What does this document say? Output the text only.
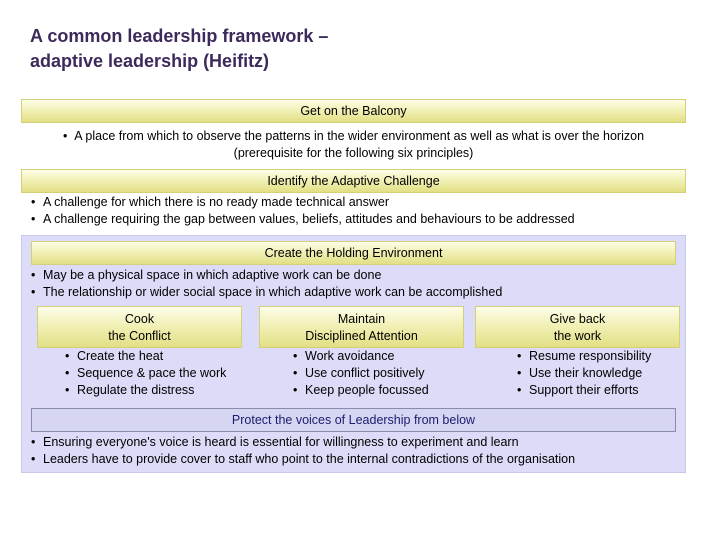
A common leadership framework –
adaptive leadership (Heifitz)
Get on the Balcony
•  A place from which to observe the patterns in the wider environment as well as what is over the horizon
(prerequisite for the following six principles)
Identify the Adaptive Challenge
• A challenge for which there is no ready made technical answer
• A challenge requiring the gap between values, beliefs, attitudes and behaviours to be addressed
Create the Holding Environment
• May be a physical space in which adaptive work can be done
• The relationship or wider social space in which adaptive work can be accomplished
Cook
the Conflict
Maintain
Disciplined Attention
Give back
the work
• Create the heat
• Sequence & pace the work
• Regulate the distress
• Work avoidance
• Use conflict positively
• Keep people focussed
• Resume responsibility
• Use their knowledge
• Support their efforts
Protect the voices of Leadership from below
• Ensuring everyone's voice is heard is essential for willingness to experiment and learn
• Leaders have to provide cover to staff who point to the internal contradictions of the organisation
